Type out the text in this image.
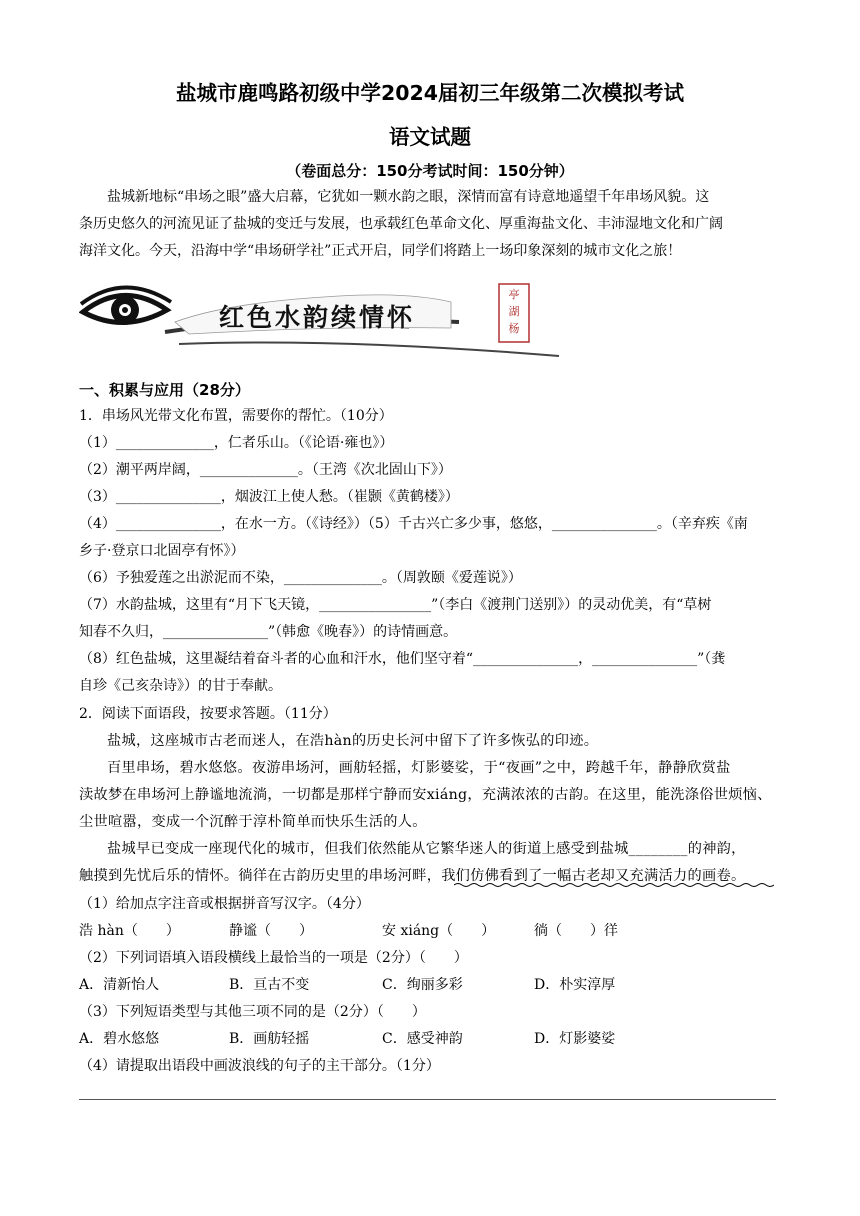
盐城市鹿鸣路初级中学2024届初三年级第二次模拟考试
语文试题
（卷面总分：150分考试时间：150分钟）
盐城新地标“串场之眼”盛大启幕，它犹如一颗水韵之眼，深情而富有诗意地遥望千年串场风貌。这
条历史悠久的河流见证了盐城的变迁与发展，也承载红色革命文化、厚重海盐文化、丰沛湿地文化和广阔
海洋文化。今天，沿海中学“串场研学社”正式开启，同学们将踏上一场印象深刻的城市文化之旅！
红色水韵续情怀
亭
湖
杨
一、积累与应用（28分）
1．串场风光带文化布置，需要你的帮忙。（10分）
（1）______________，仁者乐山。（《论语·雍也》）
（2）潮平两岸阔，______________。（王湾《次北固山下》）
（3）_______________，烟波江上使人愁。（崔颢《黄鹤楼》）
（4）_______________，在水一方。（《诗经》）（5）千古兴亡多少事，悠悠，_______________。（辛弃疾《南
乡子·登京口北固亭有怀》）
（6）予独爱莲之出淤泥而不染，______________。（周敦颐《爱莲说》）
（7）水韵盐城，这里有“月下飞天镜，________________”（李白《渡荆门送别》）的灵动优美，有“草树
知春不久归，_______________”（韩愈《晚春》）的诗情画意。
（8）红色盐城，这里凝结着奋斗者的心血和汗水，他们坚守着“_______________，_______________”（龚
自珍《己亥杂诗》）的甘于奉献。
2．阅读下面语段，按要求答题。（11分）
盐城，这座城市古老而迷人，在浩hàn的历史长河中留下了许多恢弘的印迹。
百里串场，碧水悠悠。夜游串场河，画舫轻摇，灯影婆娑，于“夜画”之中，跨越千年，静静欣赏盐
渎故梦在串场河上静谧地流淌，一切都是那样宁静而安xiáng，充满浓浓的古韵。在这里，能洗涤俗世烦恼、
尘世喧嚣，变成一个沉醉于淳朴简单而快乐生活的人。
盐城早已变成一座现代化的城市，但我们依然能从它繁华迷人的街道上感受到盐城________的神韵，
触摸到先忧后乐的情怀。徜徉在古韵历史里的串场河畔，我们仿佛看到了一幅古老却又充满活力的画卷。
（1）给加点字注音或根据拼音写汉字。（4分）
浩 hàn（　　）	静谧（　　）	安 xiáng（　　）	徜（　　）徉
（2）下列词语填入语段横线上最恰当的一项是（2分）（　　）
A．清新怡人	B．亘古不变	C．绚丽多彩	D．朴实淳厚
（3）下列短语类型与其他三项不同的是（2分）（　　）
A．碧水悠悠	B．画舫轻摇	C．感受神韵	D．灯影婆娑
（4）请提取出语段中画波浪线的句子的主干部分。（1分）
